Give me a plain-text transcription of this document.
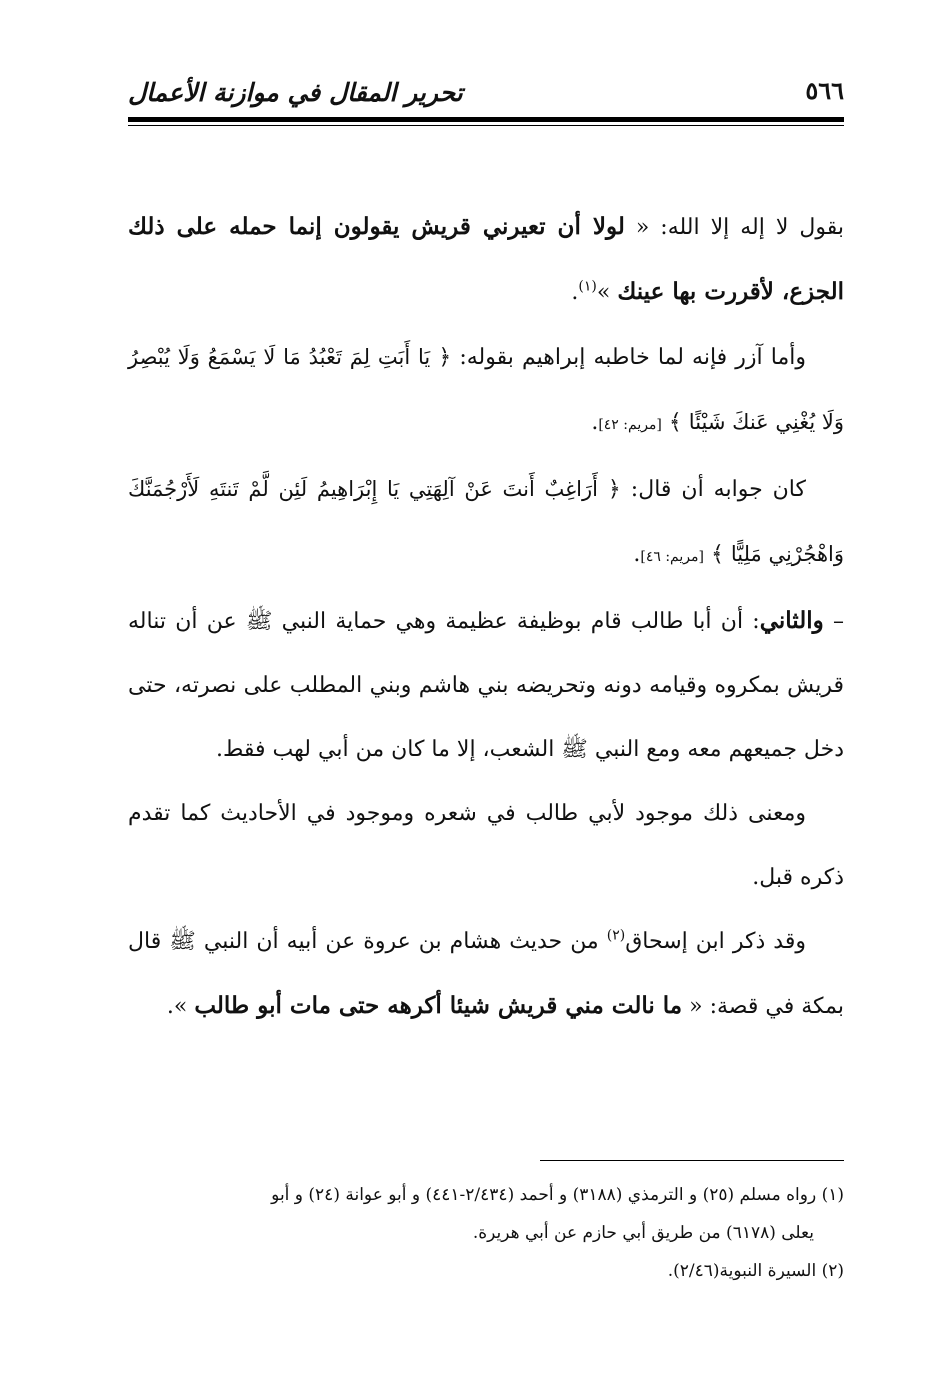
٥٦٦
تحرير المقال في موازنة الأعمال

بقول لا إله إلا الله: « لولا أن تعيرني قريش يقولون إنما حمله على ذلك الجزع، لأقررت بها عينك »$^{(١)}$.

وأما آزر فإنه لما خاطبه إبراهيم بقوله: ﴿ يَا أَبَتِ لِمَ تَعْبُدُ مَا لَا يَسْمَعُ وَلَا يُبْصِرُ وَلَا يُغْنِي عَنكَ شَيْئًا ﴾ [مريم: ٤٢].

كان جوابه أن قال: ﴿ أَرَاغِبٌ أَنتَ عَنْ آلِهَتِي يَا إِبْرَاهِيمُ لَئِن لَّمْ تَنتَهِ لَأَرْجُمَنَّكَ وَاهْجُرْنِي مَلِيًّا ﴾ [مريم: ٤٦].

– والثاني: أن أبا طالب قام بوظيفة عظيمة وهي حماية النبي ﷺ عن أن تناله قريش بمكروه وقيامه دونه وتحريضه بني هاشم وبني المطلب على نصرته، حتى دخل جميعهم معه ومع النبي ﷺ الشعب، إلا ما كان من أبي لهب فقط.

ومعنى ذلك موجود لأبي طالب في شعره وموجود في الأحاديث كما تقدم ذكره قبل.

وقد ذكر ابن إسحاق$^{(٢)}$ من حديث هشام بن عروة عن أبيه أن النبي ﷺ قال بمكة في قصة: « ما نالت مني قريش شيئا أكرهه حتى مات أبو طالب ».

(١) رواه مسلم (٢٥) و الترمذي (٣١٨٨) و أحمد (٢/٤٣٤-٤٤١) و أبو عوانة (٢٤) و أبو

يعلى (٦١٧٨) من طريق أبي حازم عن أبي هريرة.

(٢) السيرة النبوية(٢/٤٦).
